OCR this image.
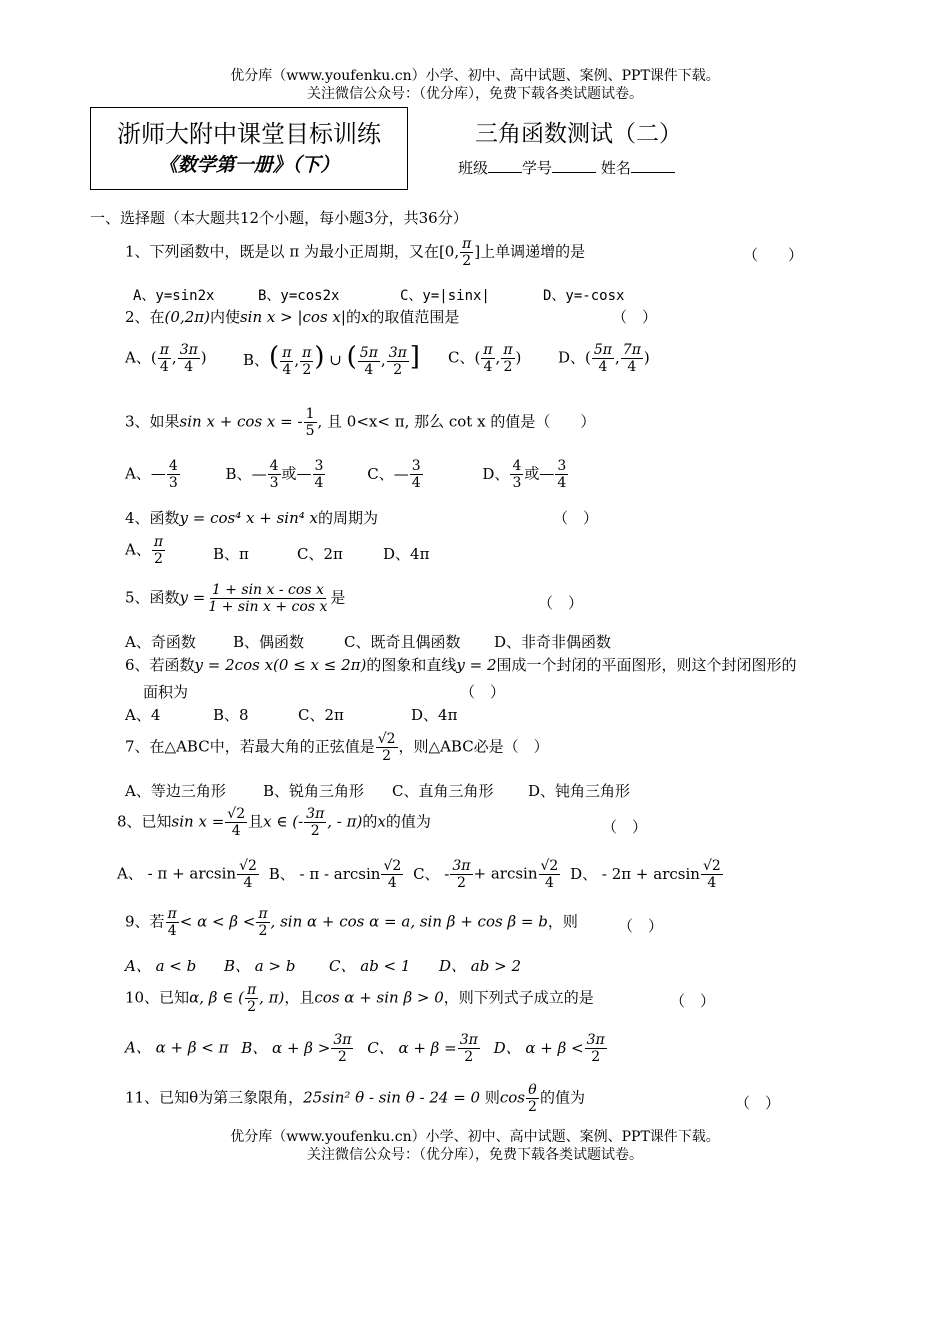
优分库（www.youfenku.cn）小学、初中、高中试题、案例、PPT课件下载。
关注微信公众号：（优分库），免费下载各类试题试卷。
浙师大附中课堂目标训练
《数学第一册》（下）
三角函数测试（二）
班级 学号	姓名
一、选择题（本大题共12个小题，每小题3分，共36分）
1、下列函数中，既是以 π 为最小正周期，又在[0, $\frac{\pi}{2}$ ]上单调递增的是	（　　）
A、y=sin2x	B、y=cos2x	C、y=|sinx|	D、y=-cosx
2、在(0,2π)内使sin x > |cos x|的x的取值范围是	（　）
A、( $\frac{\pi}{4}$ , $\frac{3\pi}{4}$ ) B、( $\frac{\pi}{4}$ , $\frac{\pi}{2}$ ) ∪ ( $\frac{5\pi}{4}$ , $\frac{3\pi}{2}$ ] C、( $\frac{\pi}{4}$ , $\frac{\pi}{2}$ ) D、( $\frac{5\pi}{4}$ , $\frac{7\pi}{4}$ )
3、如果sin x + cos x = - $\frac{1}{5}$ , 且 0<x< π, 那么 cot x 的值是（　　）
A、— $\frac{4}{3}$	B、— $\frac{4}{3}$ 或— $\frac{3}{4}$	C、— $\frac{3}{4}$	D、 $\frac{4}{3}$ 或— $\frac{3}{4}$
4、函数y = cos⁴ x + sin⁴ x的周期为	（　）
A、 $\frac{\pi}{2}$	B、π	C、2π	D、4π
5、函数$y = \frac{\text{1 + sin x - cos x}}{\text{1 + sin x + cos x}}$ 是	（　）
A、奇函数 B、偶函数	C、既奇且偶函数 D、非奇非偶函数
6、若函数y = 2cos x(0 ≤ x ≤ 2π)的图象和直线y = 2围成一个封闭的平面图形，则这个封闭图形的
面积为	（　）
A、4	B、8	C、2π	D、4π
7、在△ABC中，若最大角的正弦值是 $\frac{√2}{2}$ ，则△ABC必是（　）
A、等边三角形 B、锐角三角形 C、直角三角形 D、钝角三角形
8、已知$\sin x = \frac{√2}{4}$ 且x ∈ (- $\frac{3\pi}{2}$ , - π)的x的值为	（　）
A、 - $\pi + \arcsin \frac{√2}{4}$ B、 - π - $\arcsin \frac{√2}{4}$ C、 - $\frac{3\pi}{2} + \arcsin \frac{√2}{4}$ D、 - $2\pi + \arcsin \frac{√2}{4}$
9、若 $\frac{\pi}{4} < \alpha < \beta < \frac{\pi}{2}$ , sin α + cos α = a, sin β + cos β = b，则	（　）
A、 a < b B、 a > b C、 ab < 1 D、 ab > 2
10、已知α, β ∈ ( $\frac{\pi}{2}$ , π)，且cos α + sin β > 0，则下列式子成立的是	（　）
A、 α + β < π B、 $\alpha + \beta > \frac{3\pi}{2}$ C、 $\alpha + \beta = \frac{3\pi}{2}$ D、 $\alpha + \beta < \frac{3\pi}{2}$
11、已知θ为第三象限角，25sin² θ - sin θ - 24 = 0 则$\cos \frac{\theta}{2}$ 的值为	（　）
优分库（www.youfenku.cn）小学、初中、高中试题、案例、PPT课件下载。
关注微信公众号：（优分库），免费下载各类试题试卷。
